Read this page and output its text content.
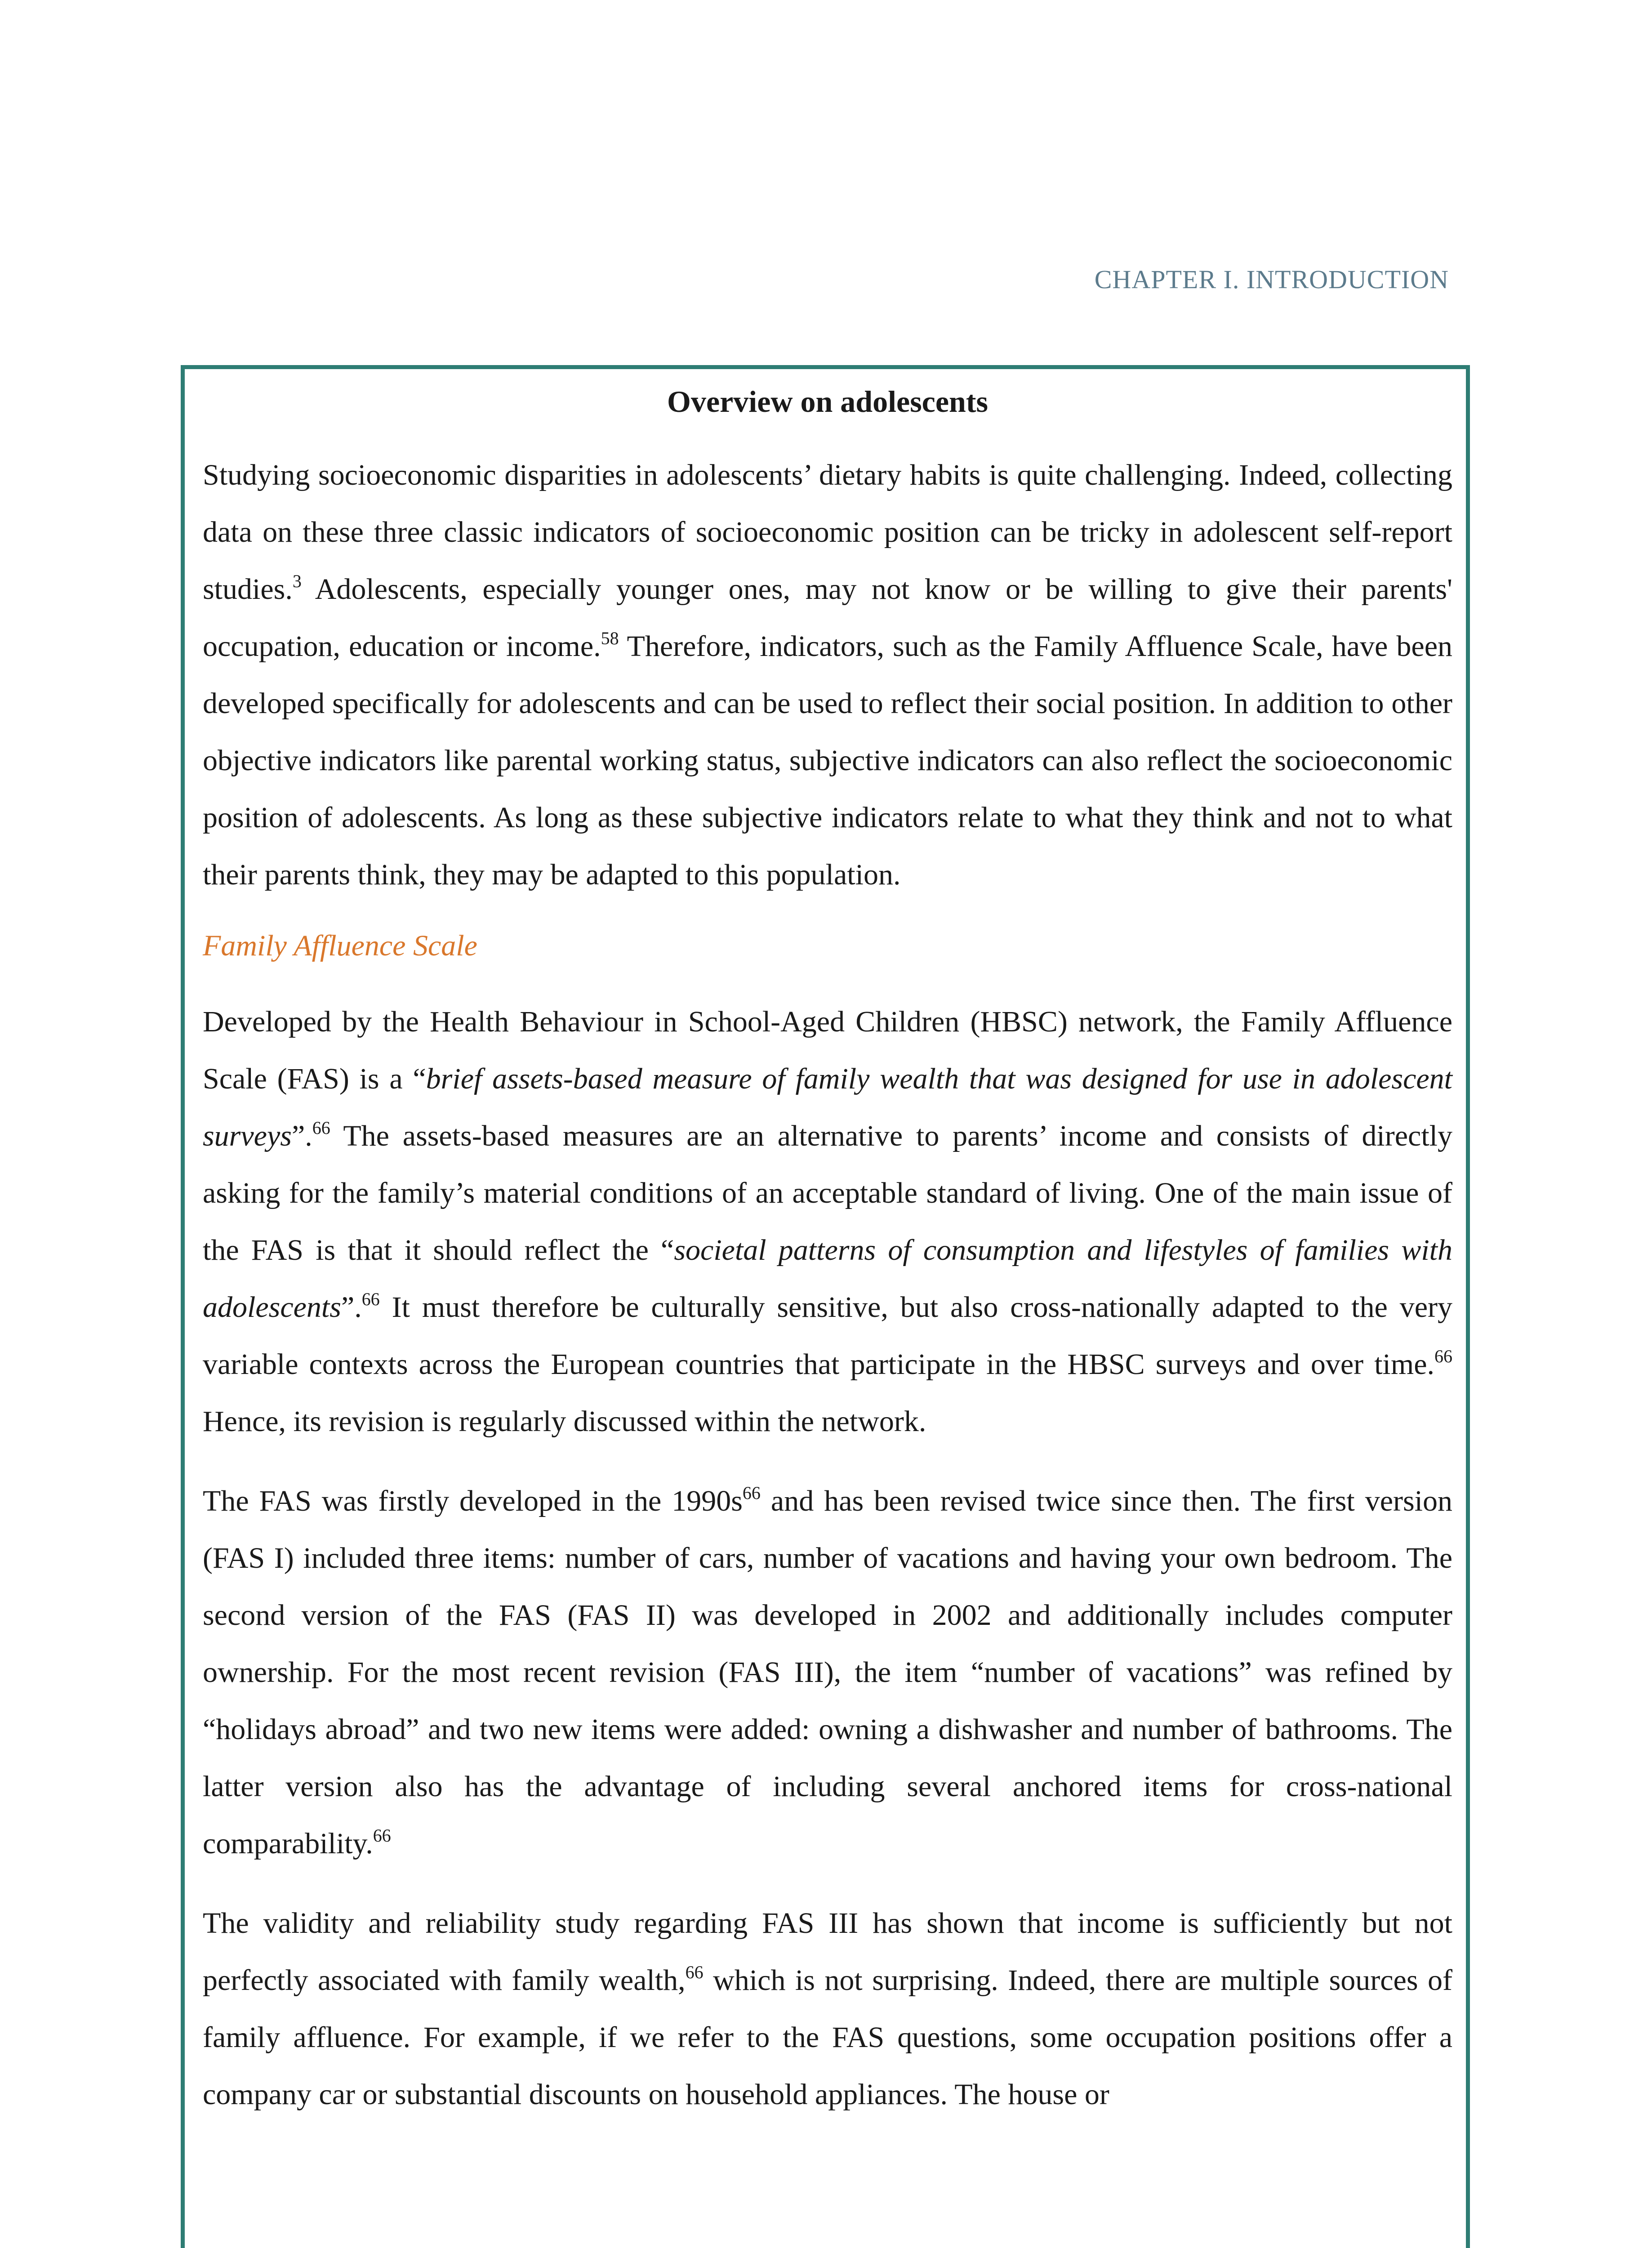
CHAPTER I. INTRODUCTION

Overview on adolescents

Studying socioeconomic disparities in adolescents’ dietary habits is quite challenging. Indeed, collecting data on these three classic indicators of socioeconomic position can be tricky in adolescent self-report studies.$^3$ Adolescents, especially younger ones, may not know or be willing to give their parents' occupation, education or income.$^{58}$ Therefore, indicators, such as the Family Affluence Scale, have been developed specifically for adolescents and can be used to reflect their social position. In addition to other objective indicators like parental working status, subjective indicators can also reflect the socioeconomic position of adolescents. As long as these subjective indicators relate to what they think and not to what their parents think, they may be adapted to this population.

Family Affluence Scale

Developed by the Health Behaviour in School-Aged Children (HBSC) network, the Family Affluence Scale (FAS) is a “brief assets-based measure of family wealth that was designed for use in adolescent surveys”.$^{66}$ The assets-based measures are an alternative to parents’ income and consists of directly asking for the family’s material conditions of an acceptable standard of living. One of the main issue of the FAS is that it should reflect the “societal patterns of consumption and lifestyles of families with adolescents”.$^{66}$ It must therefore be culturally sensitive, but also cross-nationally adapted to the very variable contexts across the European countries that participate in the HBSC surveys and over time.$^{66}$ Hence, its revision is regularly discussed within the network.

The FAS was firstly developed in the $1990s^{66}$ and has been revised twice since then. The first version (FAS I) included three items: number of cars, number of vacations and having your own bedroom. The second version of the FAS (FAS II) was developed in 2002 and additionally includes computer ownership. For the most recent revision (FAS III), the item “number of vacations” was refined by “holidays abroad” and two new items were added: owning a dishwasher and number of bathrooms. The latter version also has the advantage of including several anchored items for cross-national comparability.$^{66}$

The validity and reliability study regarding FAS III has shown that income is sufficiently but not perfectly associated with family wealth,$^{66}$ which is not surprising. Indeed, there are multiple sources of family affluence. For example, if we refer to the FAS questions, some occupation positions offer a company car or substantial discounts on household appliances. The house or
